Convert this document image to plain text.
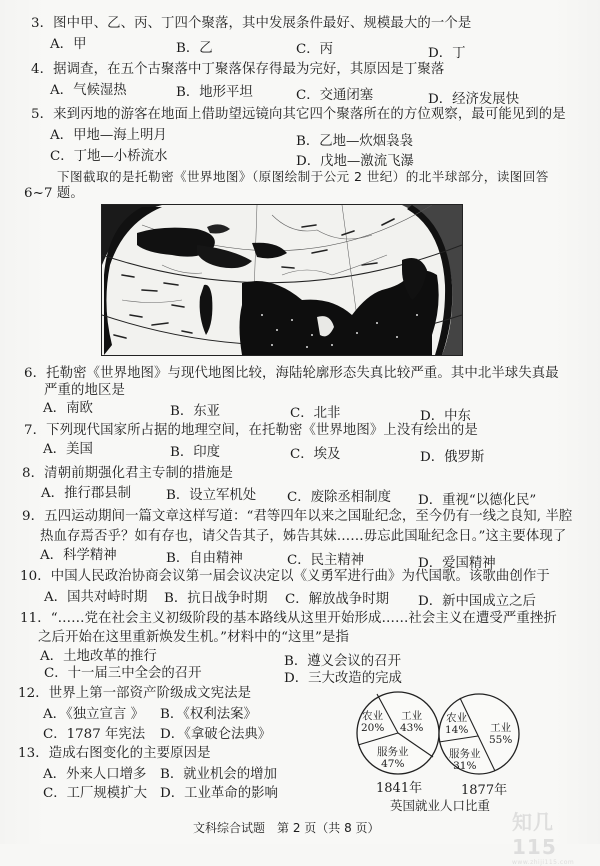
3．图中甲、乙、丙、丁四个聚落，其中发展条件最好、规模最大的一个是
A．甲	B．乙	C．丙	D．丁
4．据调查，在五个古聚落中丁聚落保存得最为完好，其原因是丁聚落
A．气候湿热	B．地形平坦	C．交通闭塞	D．经济发展快
5．来到丙地的游客在地面上借助望远镜向其它四个聚落所在的方位观察，最可能见到的是
A．甲地—海上明月	B．乙地—炊烟袅袅
C．丁地—小桥流水	D．戊地—激流飞瀑
下图截取的是托勒密《世界地图》（原图绘制于公元 2 世纪）的北半球部分，读图回答
6~7 题。
6．托勒密《世界地图》与现代地图比较，海陆轮廓形态失真比较严重。其中北半球失真最
严重的地区是
A．南欧	B．东亚	C．北非	D．中东
7．下列现代国家所占据的地理空间，在托勒密《世界地图》上没有绘出的是
A．美国	B．印度	C．埃及	D．俄罗斯
8．清朝前期强化君主专制的措施是
A．推行郡县制	B．设立军机处 C．废除丞相制度 D．重视“以德化民”
9．五四运动期间一篇文章这样写道：“君等四年以来之国耻纪念，至今仍有一线之良知, 半腔
热血存焉否乎？如有存也，请父告其子，姊告其妹……毋忘此国耻纪念日。”这主要体现了
A．科学精神	B．自由精神	C．民主精神	D．爱国精神
10．中国人民政治协商会议第一届会议决定以《义勇军进行曲》为代国歌。该歌曲创作于
A．国共对峙时期 B．抗日战争时期 C．解放战争时期 D．新中国成立之后
11．“……党在社会主义初级阶段的基本路线从这里开始形成……社会主义在遭受严重挫折
之后开始在这里重新焕发生机。”材料中的“这里”是指
A．土地改革的推行	B．遵义会议的召开
C．十一届三中全会的召开	D．三大改造的完成
12．世界上第一部资产阶级成文宪法是
A．《独立宣言 》 B．《权利法案》
C．1787 年宪法 D．《拿破仑法典》
13．造成右图变化的主要原因是
A．外来人口增多 B．就业机会的增加
C．工厂规模扩大 D．工业革命的影响
农业
20%
工业
43%
服务业
47%
1841年
农业
14% 工业
55%
服务业
31%
1877年
英国就业人口比重
文科综合试题　第 2 页（共 8 页）	知几115
www.zhiji115.com
